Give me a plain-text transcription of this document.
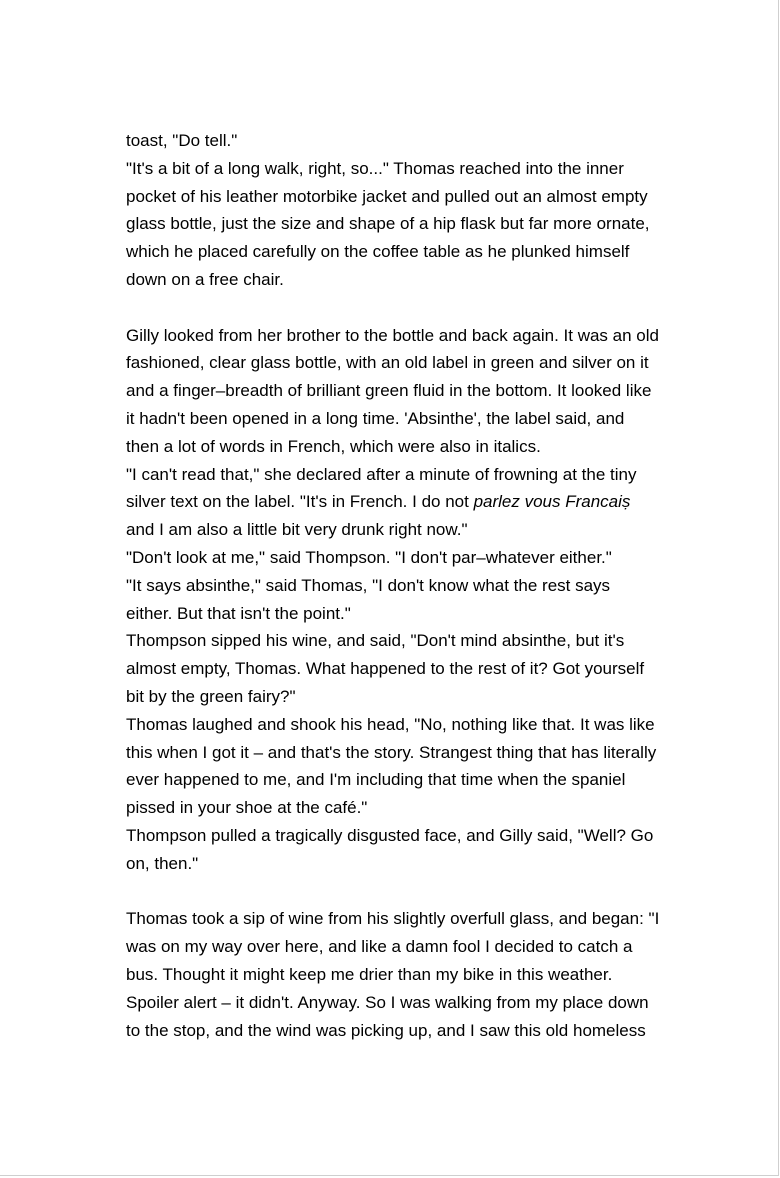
toast, "Do tell."

"It's a bit of a long walk, right, so..." Thomas reached into the inner

pocket of his leather motorbike jacket and pulled out an almost empty

glass bottle, just the size and shape of a hip flask but far more ornate,

which he placed carefully on the coffee table as he plunked himself

down on a free chair.

Gilly looked from her brother to the bottle and back again. It was an old

fashioned, clear glass bottle, with an old label in green and silver on it

and a finger–breadth of brilliant green fluid in the bottom. It looked like

it hadn't been opened in a long time. 'Absinthe', the label said, and

then a lot of words in French, which were also in italics.

"I can't read that," she declared after a minute of frowning at the tiny

silver text on the label. "It's in French. I do not parlez vous Francaiṣ

and I am also a little bit very drunk right now."

"Don't look at me," said Thompson. "I don't par–whatever either."

"It says absinthe," said Thomas, "I don't know what the rest says

either. But that isn't the point."

Thompson sipped his wine, and said, "Don't mind absinthe, but it's

almost empty, Thomas. What happened to the rest of it? Got yourself

bit by the green fairy?"

Thomas laughed and shook his head, "No, nothing like that. It was like

this when I got it – and that's the story. Strangest thing that has literally

ever happened to me, and I'm including that time when the spaniel

pissed in your shoe at the café."

Thompson pulled a tragically disgusted face, and Gilly said, "Well? Go

on, then."

Thomas took a sip of wine from his slightly overfull glass, and began: "I

was on my way over here, and like a damn fool I decided to catch a

bus. Thought it might keep me drier than my bike in this weather.

Spoiler alert – it didn't. Anyway. So I was walking from my place down

to the stop, and the wind was picking up, and I saw this old homeless
